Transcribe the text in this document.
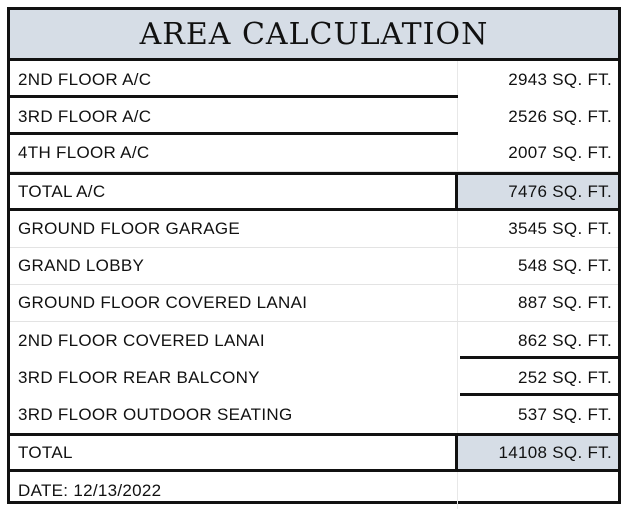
AREA CALCULATION
2ND FLOOR A/C	2943 SQ. FT.
3RD FLOOR A/C	2526 SQ. FT.
4TH FLOOR A/C	2007 SQ. FT.
TOTAL A/C	7476 SQ. FT.
GROUND FLOOR GARAGE	3545 SQ. FT.
GRAND LOBBY	548 SQ. FT.
GROUND FLOOR COVERED LANAI	887 SQ. FT.
2ND FLOOR COVERED LANAI	862 SQ. FT.
3RD FLOOR REAR BALCONY	252 SQ. FT.
3RD FLOOR OUTDOOR SEATING	537 SQ. FT.
TOTAL	14108 SQ. FT.
DATE: 12/13/2022
